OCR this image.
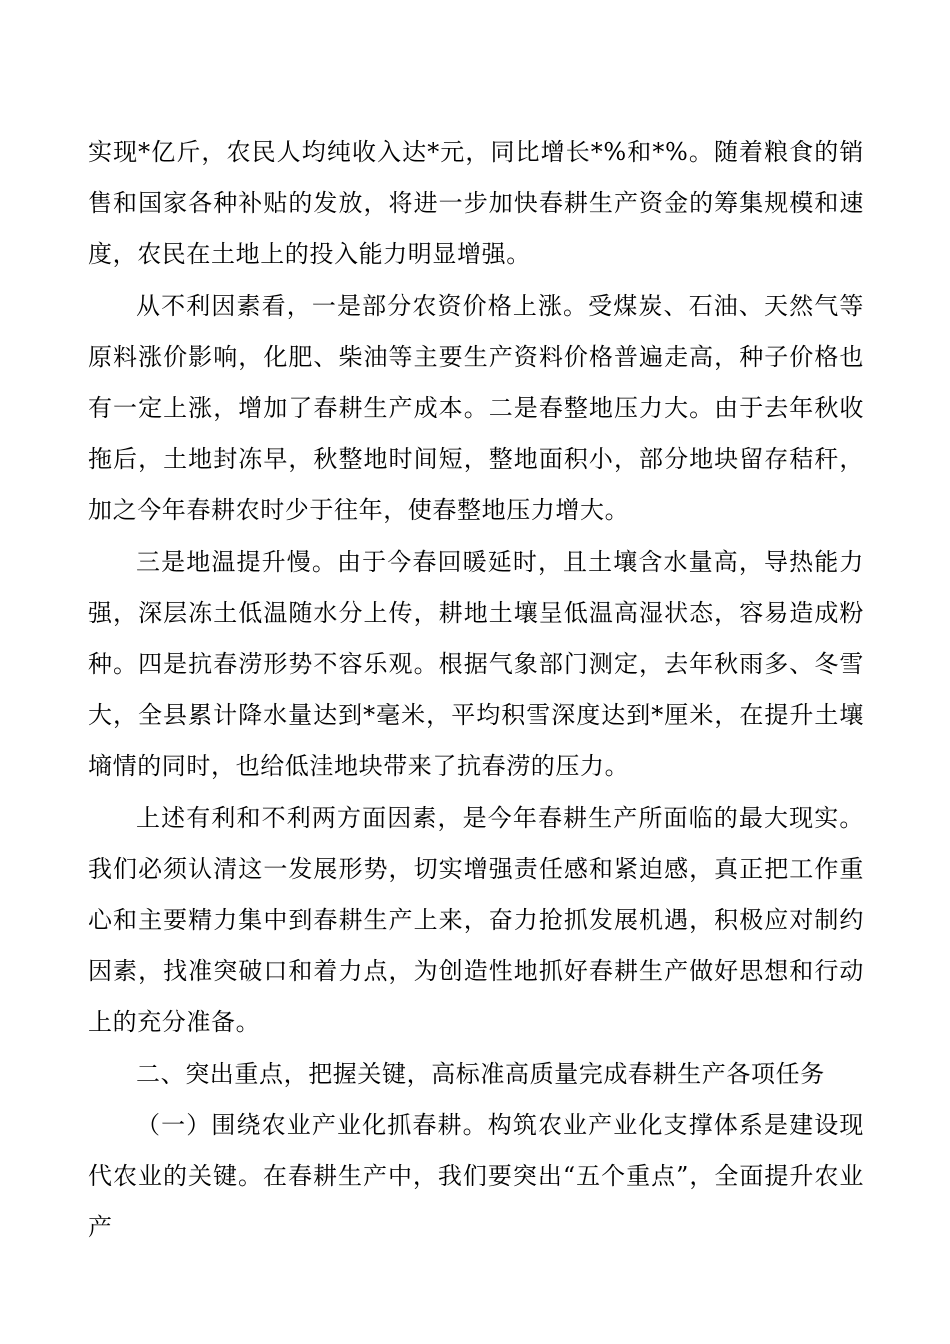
实现*亿斤，农民人均纯收入达*元，同比增长*%和*%。随着粮食的销售和国家各种补贴的发放，将进一步加快春耕生产资金的筹集规模和速度，农民在土地上的投入能力明显增强。

从不利因素看，一是部分农资价格上涨。受煤炭、石油、天然气等原料涨价影响，化肥、柴油等主要生产资料价格普遍走高，种子价格也有一定上涨，增加了春耕生产成本。二是春整地压力大。由于去年秋收拖后，土地封冻早，秋整地时间短，整地面积小，部分地块留存秸秆，加之今年春耕农时少于往年，使春整地压力增大。

三是地温提升慢。由于今春回暖延时，且土壤含水量高，导热能力强，深层冻土低温随水分上传，耕地土壤呈低温高湿状态，容易造成粉种。四是抗春涝形势不容乐观。根据气象部门测定，去年秋雨多、冬雪大，全县累计降水量达到*毫米，平均积雪深度达到*厘米，在提升土壤墒情的同时，也给低洼地块带来了抗春涝的压力。

上述有利和不利两方面因素，是今年春耕生产所面临的最大现实。我们必须认清这一发展形势，切实增强责任感和紧迫感，真正把工作重心和主要精力集中到春耕生产上来，奋力抢抓发展机遇，积极应对制约因素，找准突破口和着力点，为创造性地抓好春耕生产做好思想和行动上的充分准备。

二、突出重点，把握关键，高标准高质量完成春耕生产各项任务

（一）围绕农业产业化抓春耕。构筑农业产业化支撑体系是建设现代农业的关键。在春耕生产中，我们要突出“五个重点”，全面提升农业产
